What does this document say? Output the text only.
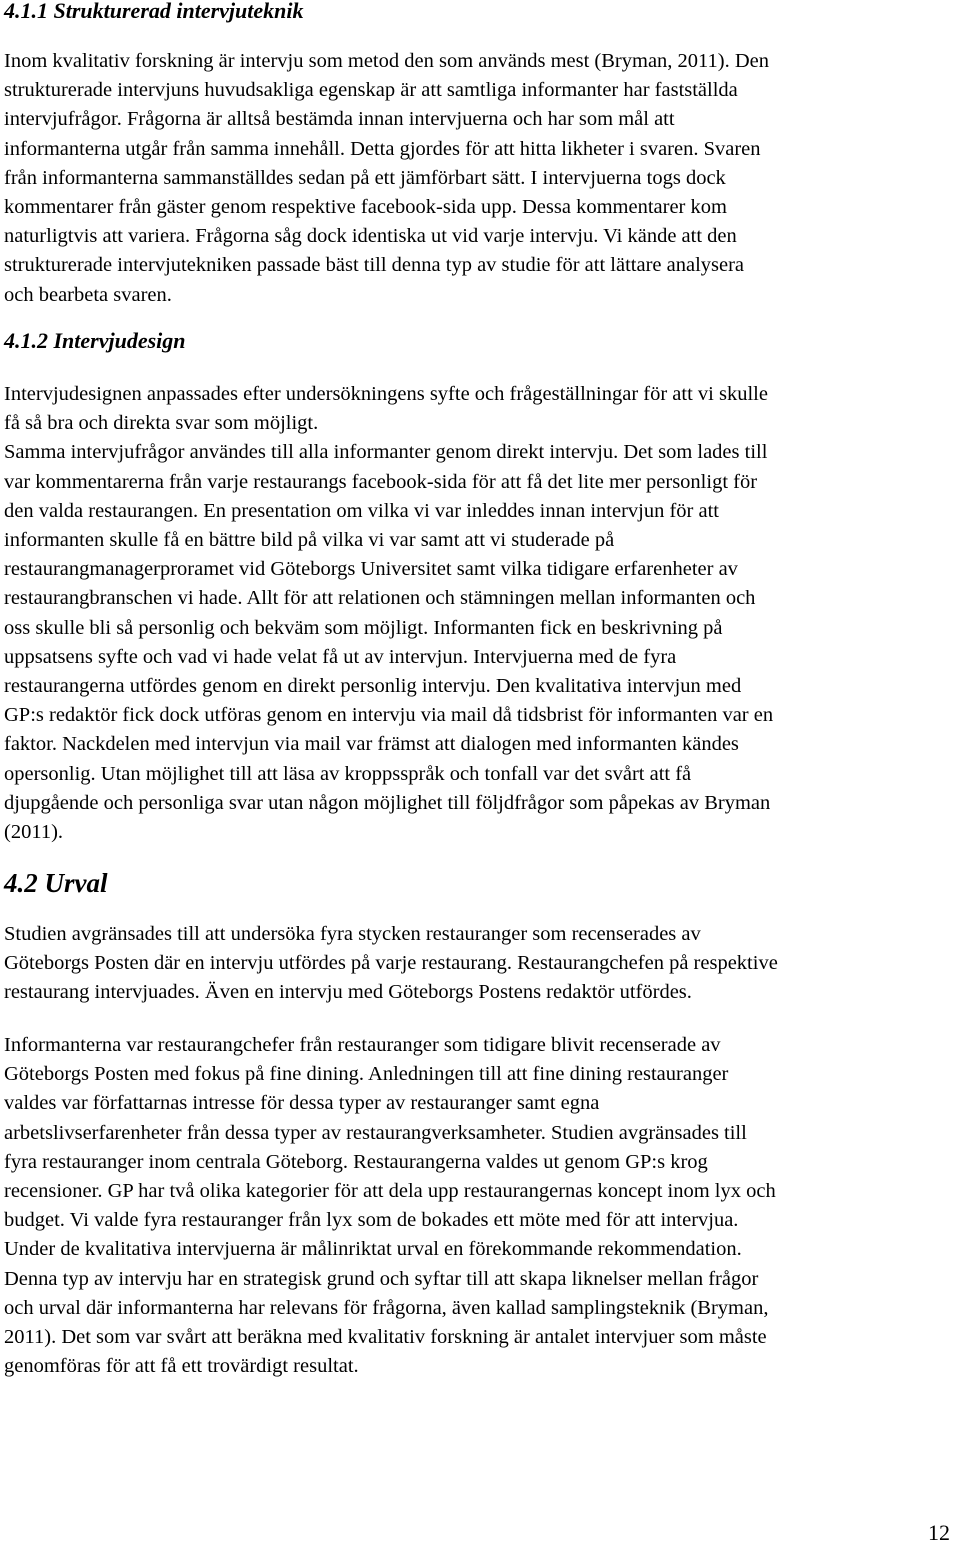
4.1.1 Strukturerad intervjuteknik
Inom kvalitativ forskning är intervju som metod den som används mest (Bryman, 2011). Den
strukturerade intervjuns huvudsakliga egenskap är att samtliga informanter har fastställda
intervjufrågor. Frågorna är alltså bestämda innan intervjuerna och har som mål att
informanterna utgår från samma innehåll. Detta gjordes för att hitta likheter i svaren. Svaren
från informanterna sammanställdes sedan på ett jämförbart sätt. I intervjuerna togs dock
kommentarer från gäster genom respektive facebook-sida upp. Dessa kommentarer kom
naturligtvis att variera. Frågorna såg dock identiska ut vid varje intervju. Vi kände att den
strukturerade intervjutekniken passade bäst till denna typ av studie för att lättare analysera
och bearbeta svaren.
4.1.2 Intervjudesign
Intervjudesignen anpassades efter undersökningens syfte och frågeställningar för att vi skulle
få så bra och direkta svar som möjligt.
Samma intervjufrågor användes till alla informanter genom direkt intervju. Det som lades till
var kommentarerna från varje restaurangs facebook-sida för att få det lite mer personligt för
den valda restaurangen. En presentation om vilka vi var inleddes innan intervjun för att
informanten skulle få en bättre bild på vilka vi var samt att vi studerade på
restaurangmanagerproramet vid Göteborgs Universitet samt vilka tidigare erfarenheter av
restaurangbranschen vi hade. Allt för att relationen och stämningen mellan informanten och
oss skulle bli så personlig och bekväm som möjligt. Informanten fick en beskrivning på
uppsatsens syfte och vad vi hade velat få ut av intervjun. Intervjuerna med de fyra
restaurangerna utfördes genom en direkt personlig intervju. Den kvalitativa intervjun med
GP:s redaktör fick dock utföras genom en intervju via mail då tidsbrist för informanten var en
faktor. Nackdelen med intervjun via mail var främst att dialogen med informanten kändes
opersonlig. Utan möjlighet till att läsa av kroppsspråk och tonfall var det svårt att få
djupgående och personliga svar utan någon möjlighet till följdfrågor som påpekas av Bryman
(2011).
4.2 Urval
Studien avgränsades till att undersöka fyra stycken restauranger som recenserades av
Göteborgs Posten där en intervju utfördes på varje restaurang. Restaurangchefen på respektive
restaurang intervjuades. Även en intervju med Göteborgs Postens redaktör utfördes.
Informanterna var restaurangchefer från restauranger som tidigare blivit recenserade av
Göteborgs Posten med fokus på fine dining. Anledningen till att fine dining restauranger
valdes var författarnas intresse för dessa typer av restauranger samt egna
arbetslivserfarenheter från dessa typer av restaurangverksamheter. Studien avgränsades till
fyra restauranger inom centrala Göteborg. Restaurangerna valdes ut genom GP:s krog
recensioner. GP har två olika kategorier för att dela upp restaurangernas koncept inom lyx och
budget. Vi valde fyra restauranger från lyx som de bokades ett möte med för att intervjua.
Under de kvalitativa intervjuerna är målinriktat urval en förekommande rekommendation.
Denna typ av intervju har en strategisk grund och syftar till att skapa liknelser mellan frågor
och urval där informanterna har relevans för frågorna, även kallad samplingsteknik (Bryman,
2011). Det som var svårt att beräkna med kvalitativ forskning är antalet intervjuer som måste
genomföras för att få ett trovärdigt resultat.
12
